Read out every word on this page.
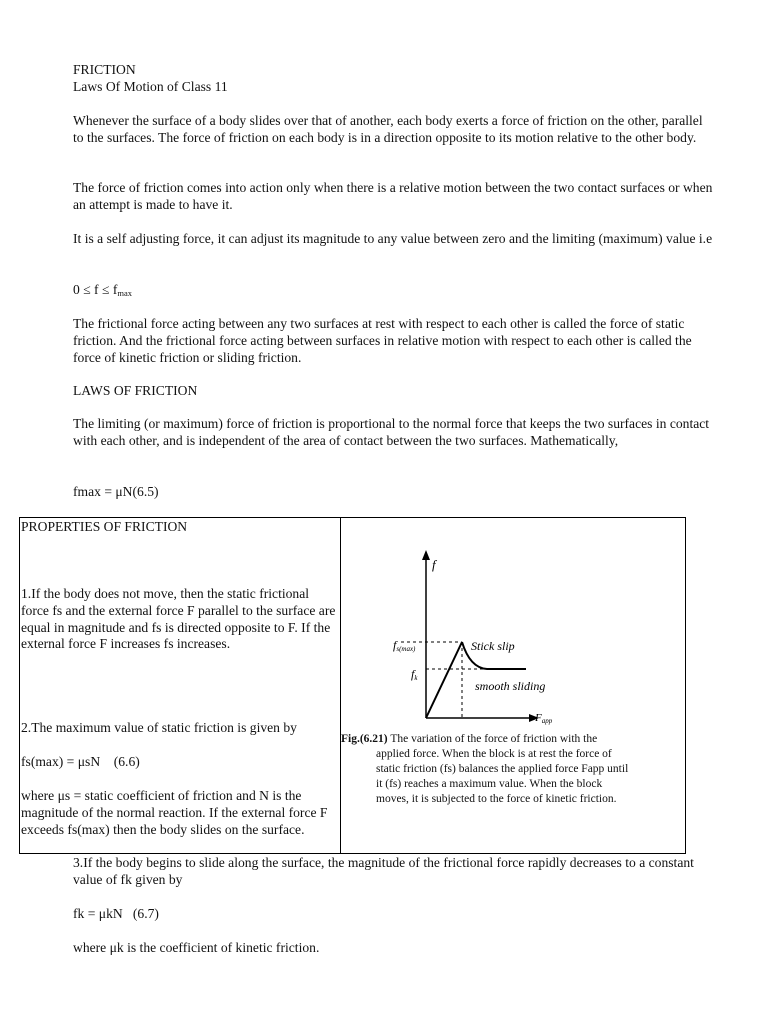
FRICTION

Laws Of Motion of Class 11

Whenever the surface of a body slides over that of another, each body exerts a force of friction on the other, parallel to the surfaces. The force of friction on each body is in a direction opposite to its motion relative to the other body.

The force of friction comes into action only when there is a relative motion between the two contact surfaces or when an attempt is made to have it.

It is a self adjusting force, it can adjust its magnitude to any value between zero and the limiting (maximum) value i.e

$0 \le f \le f_{max}$

The frictional force acting between any two surfaces at rest with respect to each other is called the force of static friction. And the frictional force acting between surfaces in relative motion with respect to each other is called the force of kinetic friction or sliding friction.

LAWS OF FRICTION

The limiting (or maximum) force of friction is proportional to the normal force that keeps the two surfaces in contact with each other, and is independent of the area of contact between the two surfaces. Mathematically,

fmax = μN(6.5)

PROPERTIES OF FRICTION

1.If the body does not move, then the static frictional force fs and the external force F parallel to the surface are equal in magnitude and fs is directed opposite to F. If the external force F increases fs increases.

2.The maximum value of static friction is given by

fs(max) = μsN    (6.6)

where μs = static coefficient of friction and N is the magnitude of the normal reaction. If the external force F exceeds fs(max) then the body slides on the surface.

f
fs(max)
fk
Stick slip
smooth sliding
Fapp
Fig.(6.21) The variation of the force of friction with the
applied force. When the block is at rest the force of
static friction (fs) balances the applied force Fapp until
it (fs) reaches a maximum value. When the block
moves, it is subjected to the force of kinetic friction.

3.If the body begins to slide along the surface, the magnitude of the frictional force rapidly decreases to a constant value of fk given by

fk = μkN   (6.7)

where μk is the coefficient of kinetic friction.
